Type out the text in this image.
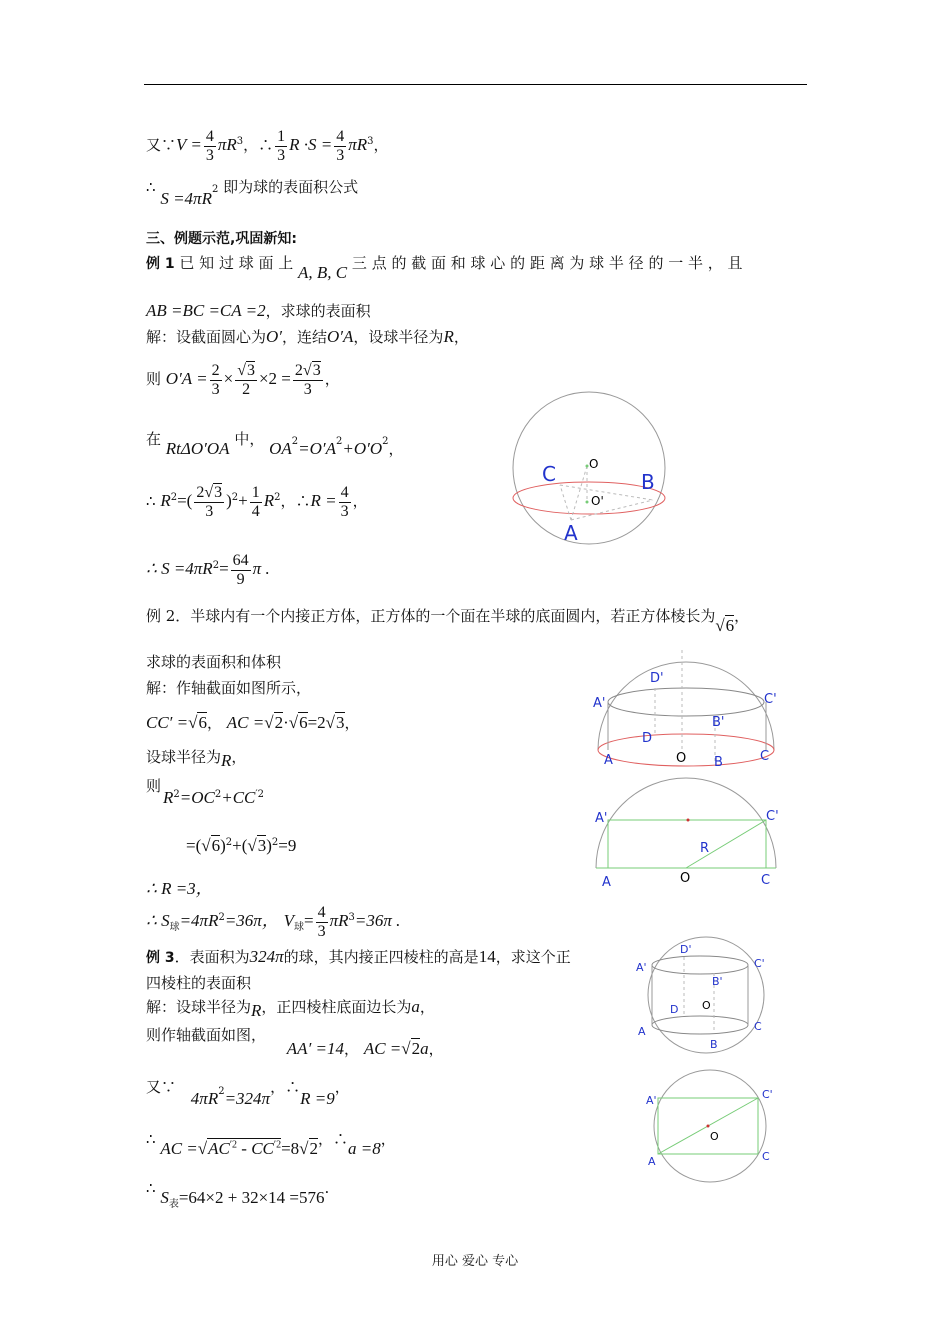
又∵V = $\frac{4}{3} \pi R^3$，∴ $\frac{1}{3}$ $R \cdot S = \frac{4}{3} \pi R^3$，
∴ $S =4\pi R^2$ 即为球的表面积公式
三、例题示范,巩固新知:
例 1 已 知 过 球 面 上 A, B, C 三 点 的 截 面 和 球 心 的 距 离 为 球 半 径 的 一 半 ， 且
AB =BC =CA =2，求球的表面积
解：设截面圆心为O′，连结O′A，设球半径为R，
则 $O'A = \frac{2}{3} \times \frac{√3}{2} \times 2 = \frac{2√3}{3}$ ，
在 RtΔO′OA 中， $OA^2=O'A^2+O'O^2$，
∴ $R^2=( \frac{2√3}{3} )^2+ \frac{1}{4} R^2$，∴R = $\frac{4}{3}$ ，
∴ $S =4\pi R^2= \frac{64}{9}$ π .
例 2．半球内有一个内接正方体，正方体的一个面在半球的底面圆内，若正方体棱长为√6，
求球的表面积和体积
解：作轴截面如图所示，
CC′ =√6， AC =√2·√6=2√3，
设球半径为R，
则
$R^2=OC^2+CC^{'2}$
$=(√6)^2+(√3)^2=9$
∴ R =3，
∴ $S_球=4\pi R^2=36\pi$， $V_球= \frac{4}{3} \pi R^3=36\pi$ .
例 3．表面积为324π的球，其内接正四棱柱的高是14，求这个正
四棱柱的表面积
解：设球半径为R，正四棱柱底面边长为a，
则作轴截面如图， AA′ =14， AC =√2a，
又∵ $4\pi R^2=324\pi$，∴R =9，
∴ AC $=√AC^{'2} - CC^{'2}=8√2$，∴a =8，
∴ $S_表=64\times 2 + 32\times 14 =576$.
用心 爱心 专心
C	O
B
O'
A
D'
A'	C'
B'
D
A	O B	C
A'	C'
R
A	O	C
D'
A'	C'
B'
D O
A	C
B
A'	C'
O
A	C
